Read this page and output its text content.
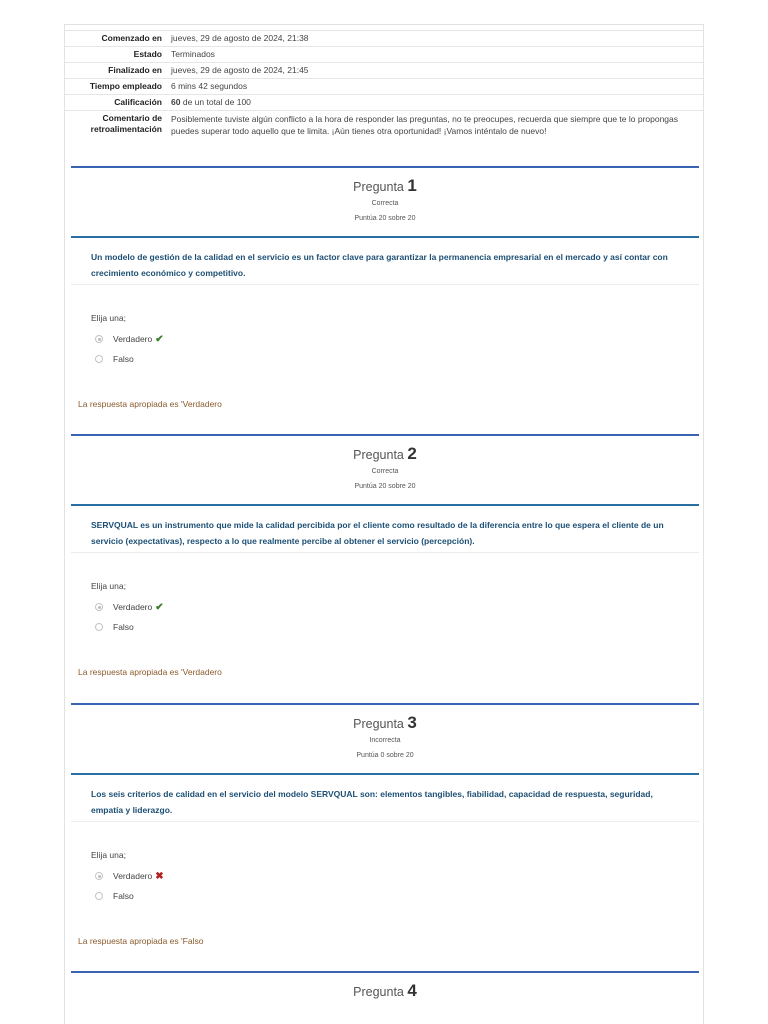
Comenzado en	jueves, 29 de agosto de 2024, 21:38
Estado	Terminados
Finalizado en	jueves, 29 de agosto de 2024, 21:45
Tiempo empleado	6 mins 42 segundos
Calificación	60 de un total de 100
Comentario de
retroalimentación	Posiblemente tuviste algún conflicto a la hora de responder las preguntas, no te preocupes, recuerda que siempre que te lo propongas puedes superar todo aquello que te limita. ¡Aún tienes otra oportunidad! ¡Vamos inténtalo de nuevo!
Pregunta 1
Correcta
Puntúa 20 sobre 20
Un modelo de gestión de la calidad en el servicio es un factor clave para garantizar la permanencia empresarial en el mercado y así contar con crecimiento económico y competitivo.
Elija una;
Verdadero ✔
Falso
La respuesta apropiada es 'Verdadero
Pregunta 2
Correcta
Puntúa 20 sobre 20
SERVQUAL es un instrumento que mide la calidad percibida por el cliente como resultado de la diferencia entre lo que espera el cliente de un servicio (expectativas), respecto a lo que realmente percibe al obtener el servicio (percepción).
Elija una;
Verdadero ✔
Falso
La respuesta apropiada es 'Verdadero
Pregunta 3
Incorrecta
Puntúa 0 sobre 20
Los seis criterios de calidad en el servicio del modelo SERVQUAL son: elementos tangibles, fiabilidad, capacidad de respuesta, seguridad, empatía y liderazgo.
Elija una;
Verdadero ✖
Falso
La respuesta apropiada es 'Falso
Pregunta 4
